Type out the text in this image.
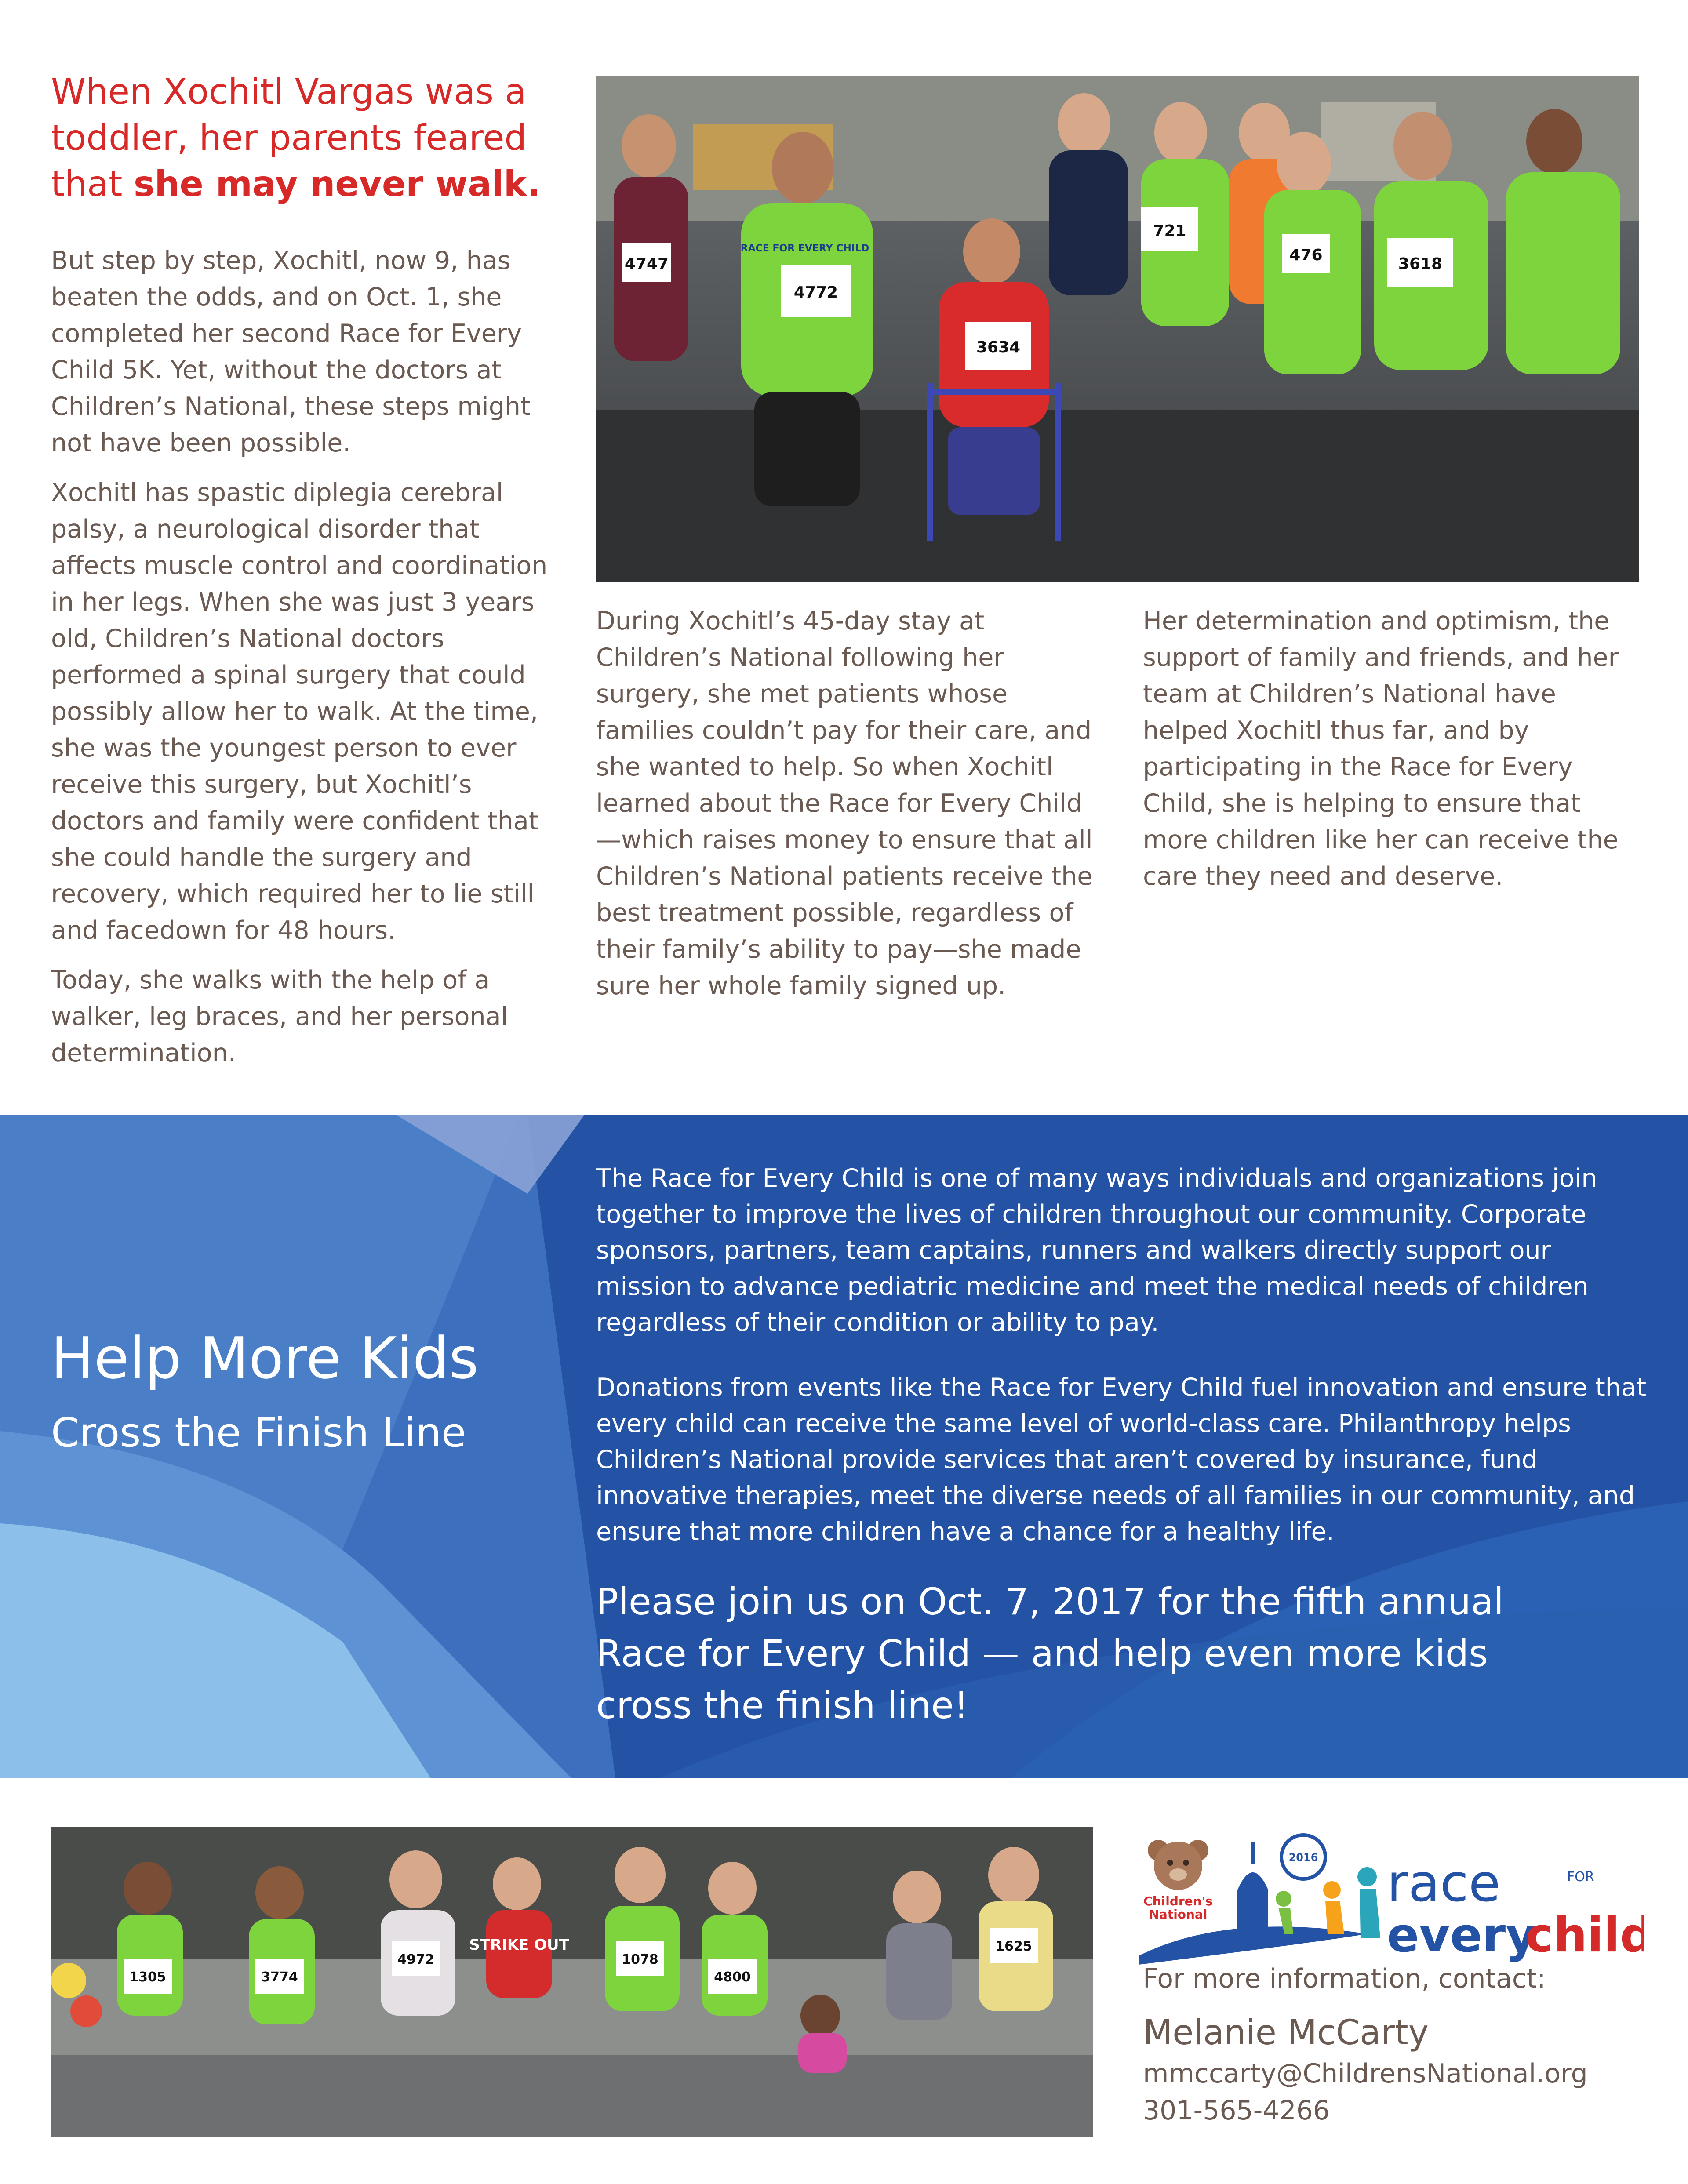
When Xochitl Vargas was a toddler, her parents feared that she may never walk.

But step by step, Xochitl, now 9, has beaten the odds, and on Oct. 1, she completed her second Race for Every Child 5K. Yet, without the doctors at Children’s National, these steps might not have been possible.

Xochitl has spastic diplegia cerebral palsy, a neurological disorder that affects muscle control and coordination in her legs. When she was just 3 years old, Children’s National doctors performed a spinal surgery that could possibly allow her to walk. At the time, she was the youngest person to ever receive this surgery, but Xochitl’s doctors and family were confident that she could handle the surgery and recovery, which required her to lie still and facedown for 48 hours.

Today, she walks with the help of a walker, leg braces, and her personal determination.

4772
3634
721
3618
4747	476
RACE FOR EVERY CHILD

During Xochitl’s 45-day stay at Children’s National following her surgery, she met patients whose families couldn’t pay for their care, and she wanted to help. So when Xochitl learned about the Race for Every Child—which raises money to ensure that all Children’s National patients receive the best treatment possible, regardless of their family’s ability to pay—she made sure her whole family signed up.

Her determination and optimism, the support of family and friends, and her team at Children’s National have helped Xochitl thus far, and by participating in the Race for Every Child, she is helping to ensure that more children like her can receive the care they need and deserve.

Help More Kids

Cross the Finish Line

The Race for Every Child is one of many ways individuals and organizations join together to improve the lives of children throughout our community. Corporate sponsors, partners, team captains, runners and walkers directly support our mission to advance pediatric medicine and meet the medical needs of children regardless of their condition or ability to pay.

Donations from events like the Race for Every Child fuel innovation and ensure that every child can receive the same level of world-class care. Philanthropy helps Children’s National provide services that aren’t covered by insurance, fund innovative therapies, meet the diverse needs of all families in our community, and ensure that more children have a chance for a healthy life.

Please join us on Oct. 7, 2017 for the fifth annual Race for Every Child — and help even more kids cross the finish line!

1305	3774
4972	1078
4800
1625
STRIKE OUT
Children's
National
2016 race	FOR
every
child

For more information, contact:

Melanie McCarty

mmccarty@ChildrensNational.org

301-565-4266
